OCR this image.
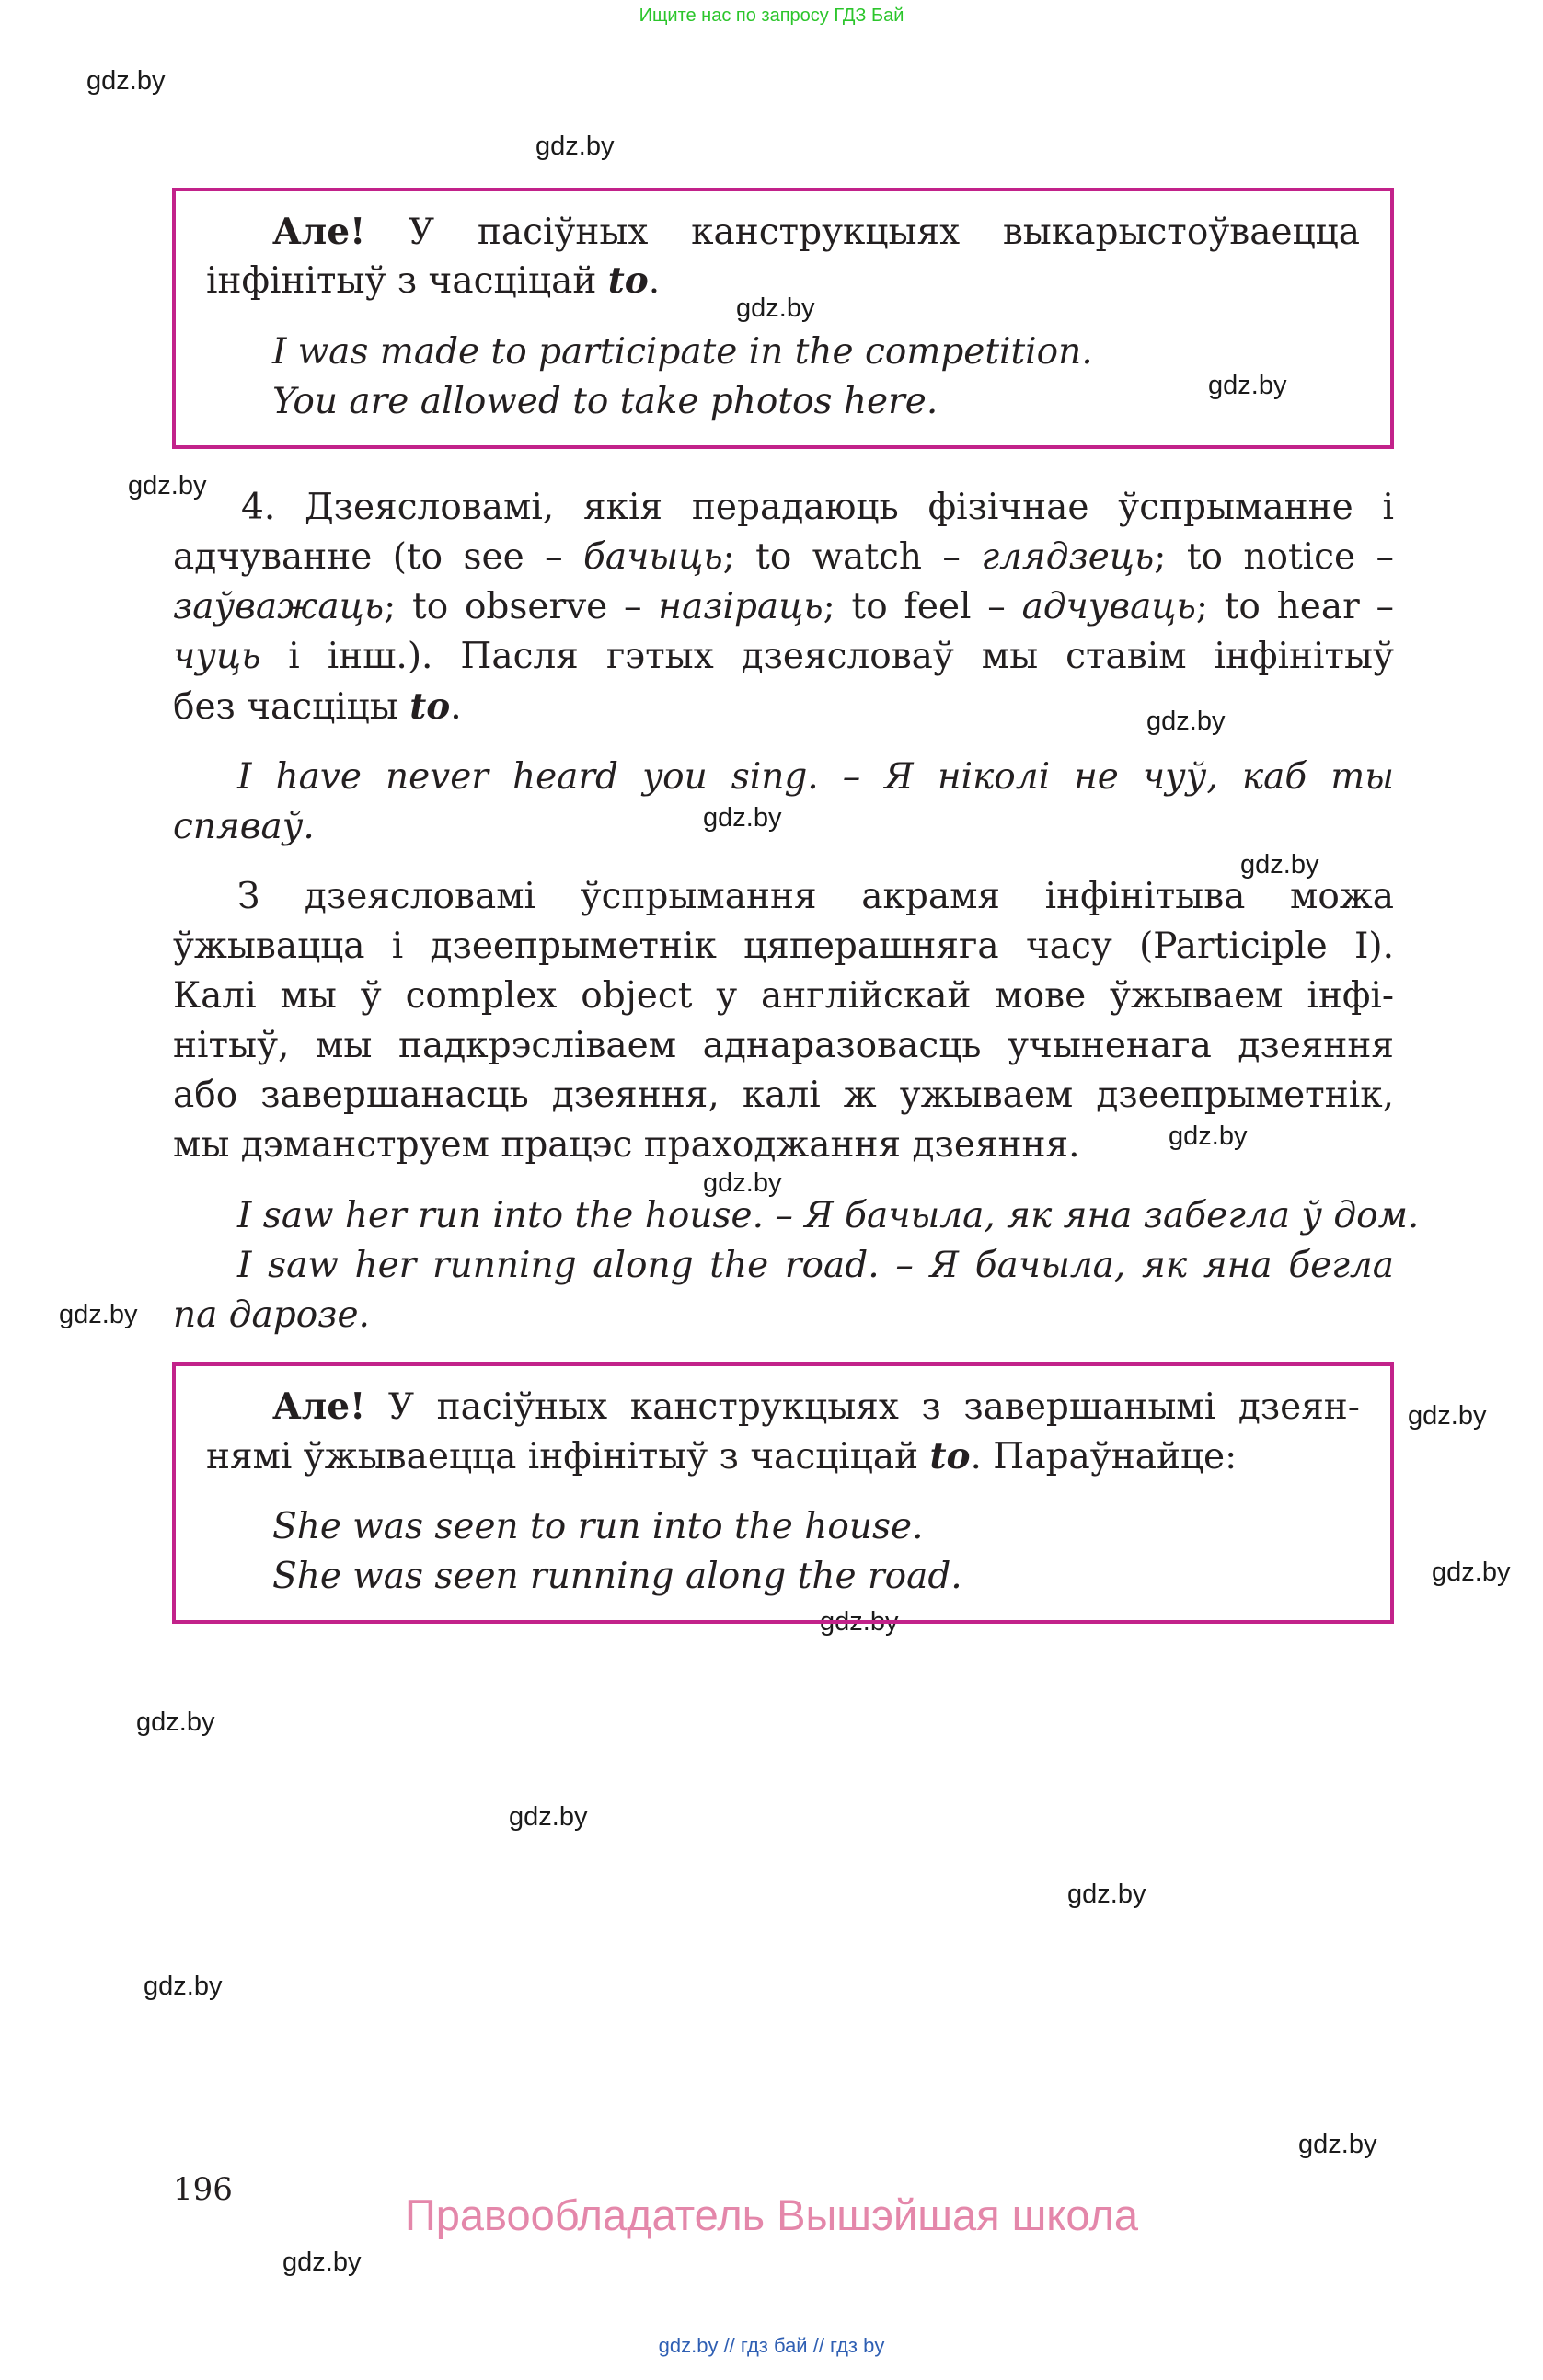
Ищите нас по запросу ГДЗ Бай
gdz.by
gdz.by
gdz.by
gdz.by
gdz.by
gdz.by
gdz.by
gdz.by
gdz.by
gdz.by
gdz.by
gdz.by
gdz.by
gdz.by
gdz.by
gdz.by
gdz.by
gdz.by
gdz.by
gdz.by
Але! У пасіўных канструкцыях выкарыстоўваецца
інфінітыў з часціцай to.
I was made to participate in the competition.
You are allowed to take photos here.
4. Дзеясловамі, якія перадаюць фізічнае ўспрыманне і
адчуванне (to see – бачыць; to watch – глядзець; to notice –
заўважаць; to observe – назіраць; to feel – адчуваць; to hear –
чуць і інш.). Пасля гэтых дзеясловаў мы ставім інфінітыў
без часціцы to.
I have never heard you sing. – Я ніколі не чуў, каб ты
спяваў.
З дзеясловамі ўспрымання акрамя інфінітыва можа
ўжывацца і дзеепрыметнік цяперашняга часу (Participle I).
Калі мы ў complex object у англійскай мове ўжываем інфі-
нітыў, мы падкрэсліваем аднаразовасць учыненага дзеяння
або завершанасць дзеяння, калі ж ужываем дзеепрыметнік,
мы дэманструем працэс праходжання дзеяння.
I saw her run into the house. – Я бачыла, як яна забегла ў дом.
I saw her running along the road. – Я бачыла, як яна бегла
па дарозе.
Але! У пасіўных канструкцыях з завершанымі дзеян-
нямі ўжываецца інфінітыў з часціцай to. Параўнайце:
She was seen to run into the house.
She was seen running along the road.
196
Правообладатель Вышэйшая школа
gdz.by // гдз бай // гдз by
